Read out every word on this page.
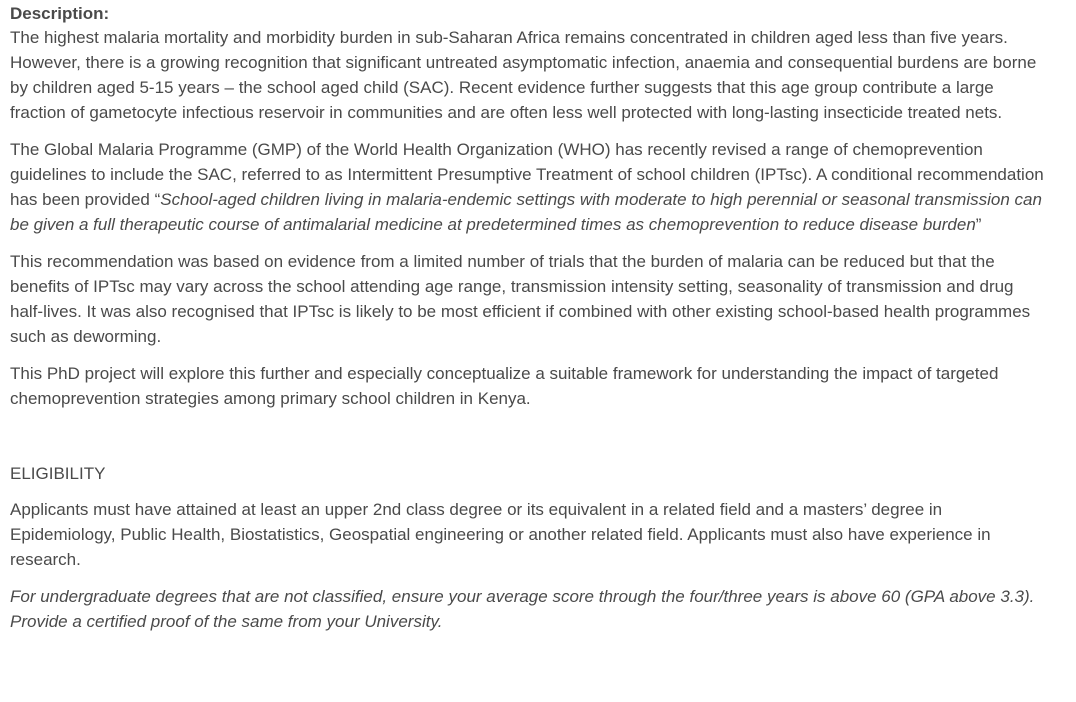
Description:

The highest malaria mortality and morbidity burden in sub-Saharan Africa remains concentrated in children aged less than five years. However, there is a growing recognition that significant untreated asymptomatic infection, anaemia and consequential burdens are borne by children aged 5-15 years – the school aged child (SAC). Recent evidence further suggests that this age group contribute a large fraction of gametocyte infectious reservoir in communities and are often less well protected with long-lasting insecticide treated nets.

The Global Malaria Programme (GMP) of the World Health Organization (WHO) has recently revised a range of chemoprevention guidelines to include the SAC, referred to as Intermittent Presumptive Treatment of school children (IPTsc). A conditional recommendation has been provided “School-aged children living in malaria-endemic settings with moderate to high perennial or seasonal transmission can be given a full therapeutic course of antimalarial medicine at predetermined times as chemoprevention to reduce disease burden”

This recommendation was based on evidence from a limited number of trials that the burden of malaria can be reduced but that the benefits of IPTsc may vary across the school attending age range, transmission intensity setting, seasonality of transmission and drug half-lives. It was also recognised that IPTsc is likely to be most efficient if combined with other existing school-based health programmes such as deworming.

This PhD project will explore this further and especially conceptualize a suitable framework for understanding the impact of targeted chemoprevention strategies among primary school children in Kenya.

ELIGIBILITY

Applicants must have attained at least an upper 2nd class degree or its equivalent in a related field and a masters’ degree in Epidemiology, Public Health, Biostatistics, Geospatial engineering or another related field. Applicants must also have experience in research.

For undergraduate degrees that are not classified, ensure your average score through the four/three years is above 60 (GPA above 3.3). Provide a certified proof of the same from your University.
